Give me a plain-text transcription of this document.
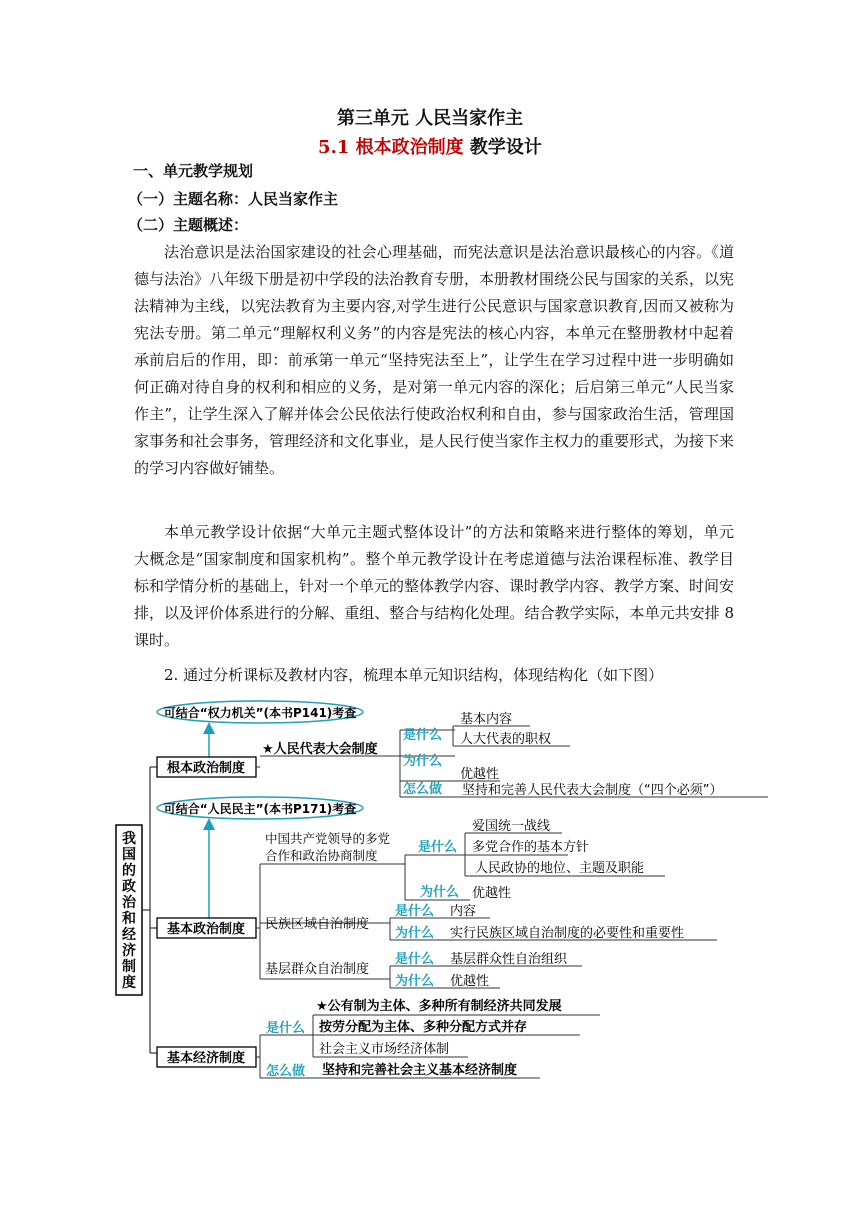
第三单元 人民当家作主
5.1 根本政治制度 教学设计
一、单元教学规划
（一）主题名称：人民当家作主
（二）主题概述：
法治意识是法治国家建设的社会心理基础，而宪法意识是法治意识最核心的内容。《道德与法治》八年级下册是初中学段的法治教育专册，本册教材围绕公民与国家的关系，以宪法精神为主线，以宪法教育为主要内容,对学生进行公民意识与国家意识教育,因而又被称为宪法专册。第二单元“理解权利义务”的内容是宪法的核心内容，本单元在整册教材中起着承前启后的作用，即：前承第一单元“坚持宪法至上”，让学生在学习过程中进一步明确如何正确对待自身的权利和相应的义务，是对第一单元内容的深化；后启第三单元“人民当家作主”，让学生深入了解并体会公民依法行使政治权利和自由，参与国家政治生活，管理国家事务和社会事务，管理经济和文化事业，是人民行使当家作主权力的重要形式，为接下来的学习内容做好铺垫。
本单元教学设计依据“大单元主题式整体设计”的方法和策略来进行整体的筹划，单元大概念是“国家制度和国家机构”。整个单元教学设计在考虑道德与法治课程标准、教学目标和学情分析的基础上，针对一个单元的整体教学内容、课时教学内容、教学方案、时间安排，以及评价体系进行的分解、重组、整合与结构化处理。结合教学实际，本单元共安排 8 课时。
2. 通过分析课标及教材内容，梳理本单元知识结构，体现结构化（如下图）
我
国
的
政
治
和
经
济
制
度
可结合“权力机关”(本书P141)考查
根本政治制度
★人民代表大会制度
是什么
为什么
怎么做
基本内容
人大代表的职权
优越性
坚持和完善人民代表大会制度（“四个必须”）
可结合“人民民主”(本书P171)考查
基本政治制度
中国共产党领导的多党
合作和政治协商制度
是什么
为什么
爱国统一战线
多党合作的基本方针
人民政协的地位、主题及职能
优越性
民族区域自治制度
是什么
为什么
内容
实行民族区域自治制度的必要性和重要性
基层群众自治制度
是什么
为什么
基层群众性自治组织
优越性
基本经济制度
是什么
怎么做
★公有制为主体、多种所有制经济共同发展
按劳分配为主体、多种分配方式并存
社会主义市场经济体制
坚持和完善社会主义基本经济制度
